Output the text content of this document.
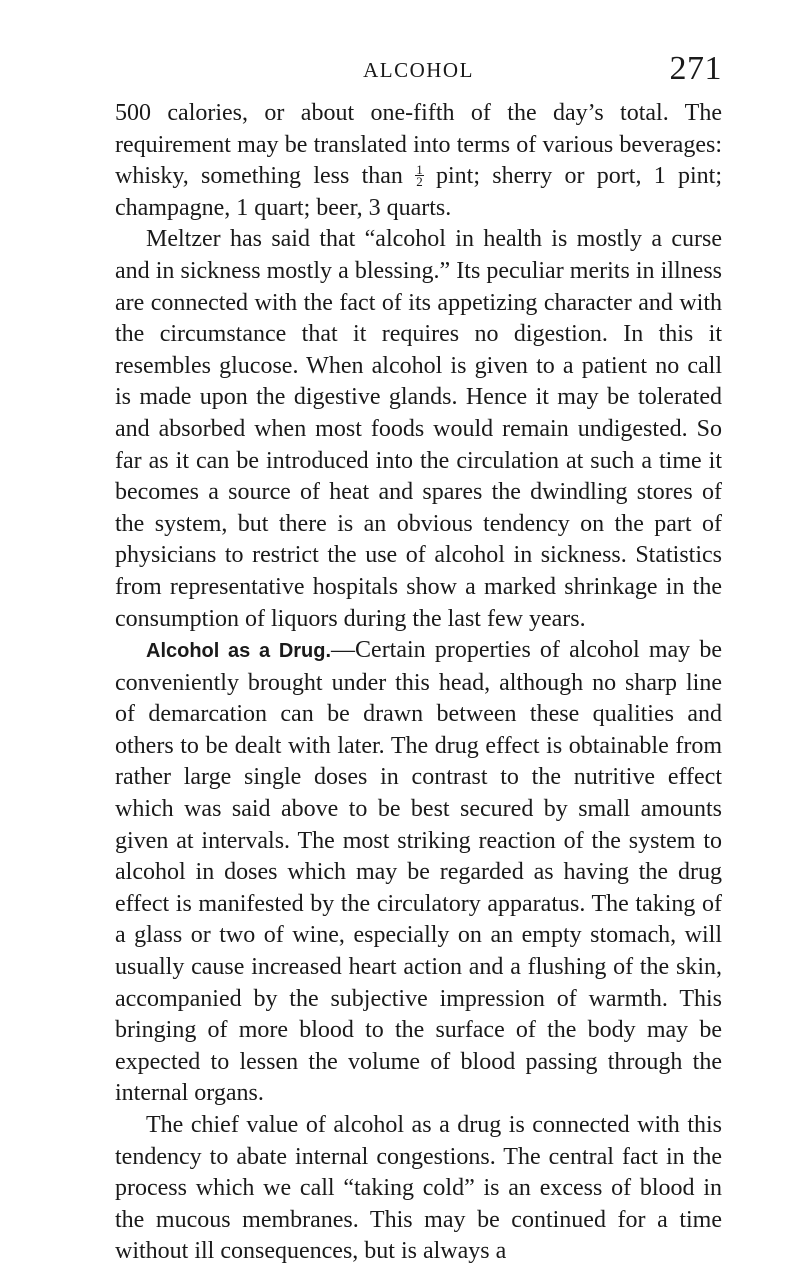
ALCOHOL	271

500 calories, or about one-fifth of the day’s total. The requirement may be translated into terms of various beverages: whisky, something less than $\frac{1}{2}$ pint; sherry or port, 1 pint; champagne, 1 quart; beer, 3 quarts.

Meltzer has said that “alcohol in health is mostly a curse and in sickness mostly a blessing.” Its peculiar merits in illness are connected with the fact of its appetizing character and with the circumstance that it requires no digestion. In this it resembles glucose. When alcohol is given to a patient no call is made upon the digestive glands. Hence it may be tolerated and absorbed when most foods would remain undigested. So far as it can be introduced into the circulation at such a time it becomes a source of heat and spares the dwindling stores of the system, but there is an obvious tendency on the part of physicians to restrict the use of alcohol in sickness. Statistics from representative hospitals show a marked shrinkage in the consumption of liquors during the last few years.

Alcohol as a Drug.—Certain properties of alcohol may be conveniently brought under this head, although no sharp line of demarcation can be drawn between these qualities and others to be dealt with later. The drug effect is obtainable from rather large single doses in contrast to the nutritive effect which was said above to be best secured by small amounts given at intervals. The most striking reaction of the system to alcohol in doses which may be regarded as having the drug effect is manifested by the circulatory apparatus. The taking of a glass or two of wine, especially on an empty stomach, will usually cause increased heart action and a flushing of the skin, accompanied by the subjective impression of warmth. This bringing of more blood to the surface of the body may be expected to lessen the volume of blood passing through the internal organs.

The chief value of alcohol as a drug is connected with this tendency to abate internal congestions. The central fact in the process which we call “taking cold” is an excess of blood in the mucous membranes. This may be continued for a time without ill consequences, but is always a
